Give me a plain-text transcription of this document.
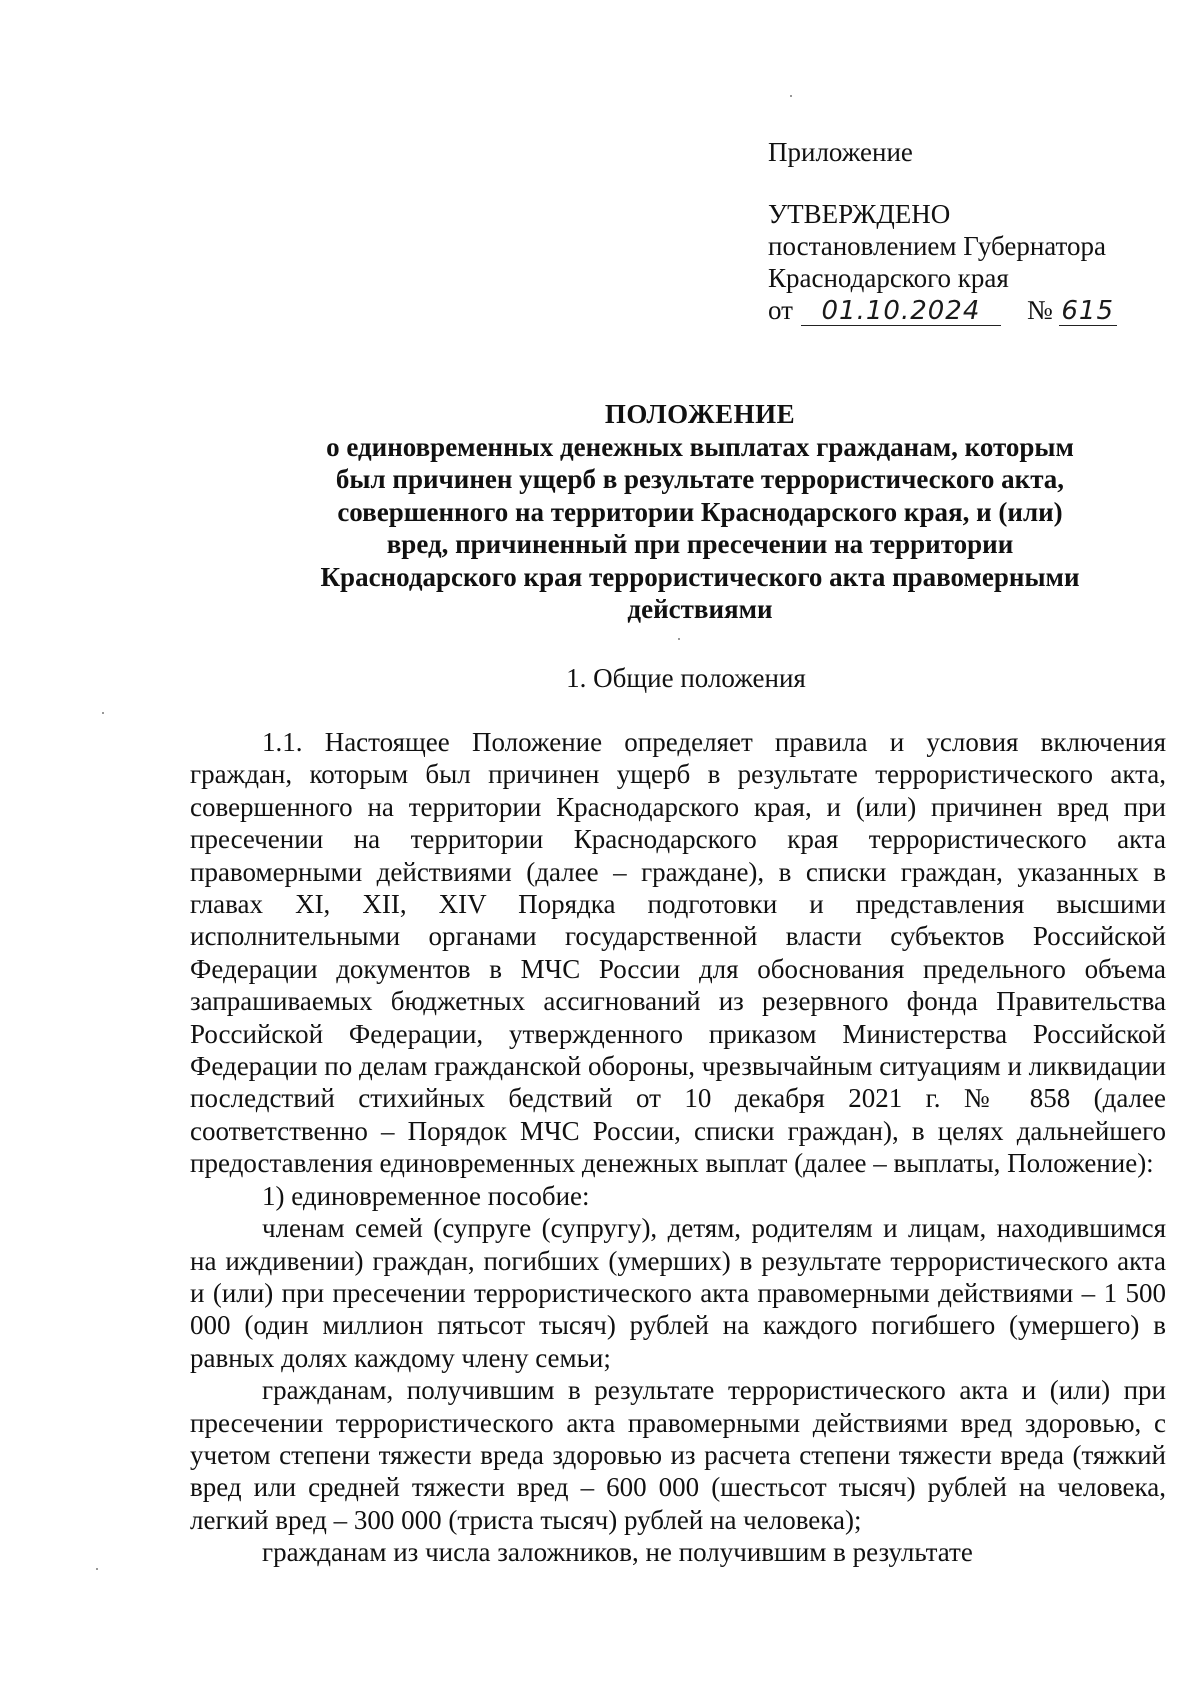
Приложение
УТВЕРЖДЕНО
постановлением Губернатора
Краснодарского края
от 01.10.2024 № 615
ПОЛОЖЕНИЕ
о единовременных денежных выплатах гражданам, которым
был причинен ущерб в результате террористического акта,
совершенного на территории Краснодарского края, и (или)
вред, причиненный при пресечении на территории
Краснодарского края террористического акта правомерными
действиями
1. Общие положения

1.1. Настоящее Положение определяет правила и условия включения граждан, которым был причинен ущерб в результате террористического акта, совершенного на территории Краснодарского края, и (или) причинен вред при пресечении на территории Краснодарского края террористического акта правомерными действиями (далее – граждане), в списки граждан, указанных в главах XI, XII, XIV Порядка подготовки и представления высшими исполнительными органами государственной власти субъектов Российской Федерации документов в МЧС России для обоснования предельного объема запрашиваемых бюджетных ассигнований из резервного фонда Правительства Российской Федерации, утвержденного приказом Министерства Российской Федерации по делам гражданской обороны, чрезвычайным ситуациям и ликвидации последствий стихийных бедствий от 10 декабря 2021 г. № 858 (далее соответственно – Порядок МЧС России, списки граждан), в целях дальнейшего предоставления единовременных денежных выплат (далее – выплаты, Положение):

1) единовременное пособие:

членам семей (супруге (супругу), детям, родителям и лицам, находившимся на иждивении) граждан, погибших (умерших) в результате террористического акта и (или) при пресечении террористического акта правомерными действиями – 1 500 000 (один миллион пятьсот тысяч) рублей на каждого погибшего (умершего) в равных долях каждому члену семьи;

гражданам, получившим в результате террористического акта и (или) при пресечении террористического акта правомерными действиями вред здоровью, с учетом степени тяжести вреда здоровью из расчета степени тяжести вреда (тяжкий вред или средней тяжести вред – 600 000 (шестьсот тысяч) рублей на человека, легкий вред – 300 000 (триста тысяч) рублей на человека);

гражданам из числа заложников, не получившим в результате
